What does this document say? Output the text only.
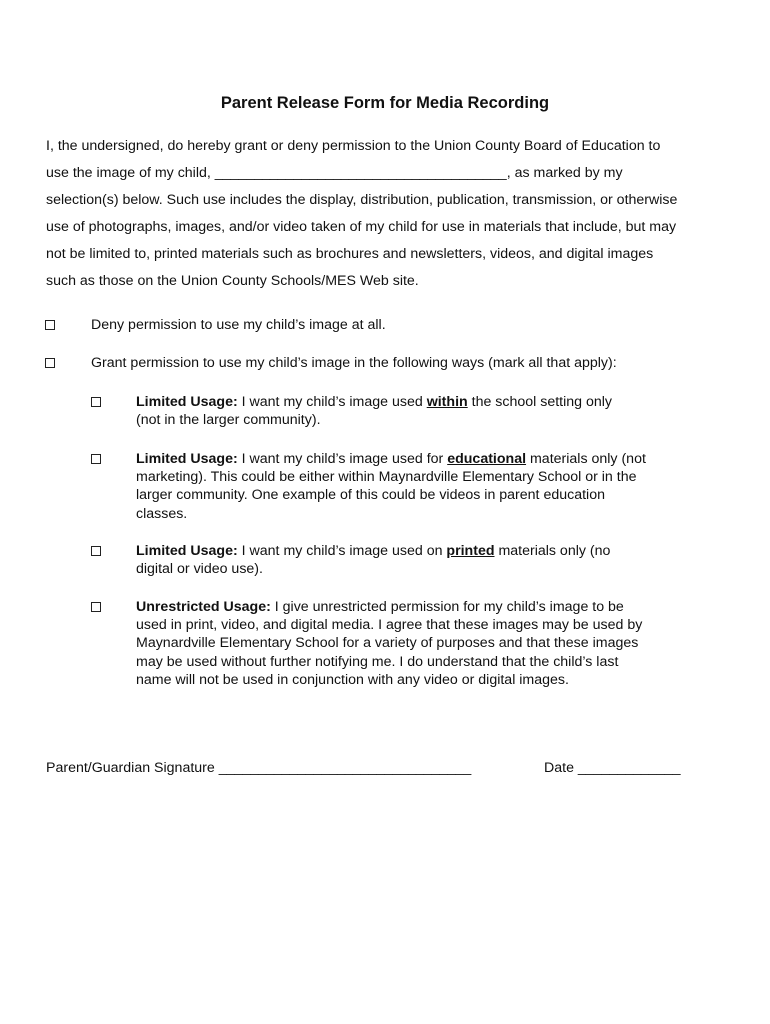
Parent Release Form for Media Recording

I, the undersigned, do hereby grant or deny permission to the Union County Board of Education to
use the image of my child, _____________________________________, as marked by my
selection(s) below. Such use includes the display, distribution, publication, transmission, or otherwise
use of photographs, images, and/or video taken of my child for use in materials that include, but may
not be limited to, printed materials such as brochures and newsletters, videos, and digital images
such as those on the Union County Schools/MES Web site.

Deny permission to use my child’s image at all.
Grant permission to use my child’s image in the following ways (mark all that apply):
Limited Usage: I want my child’s image used within the school setting only
(not in the larger community).
Limited Usage: I want my child’s image used for educational materials only (not
marketing). This could be either within Maynardville Elementary School or in the
larger community. One example of this could be videos in parent education
classes.
Limited Usage: I want my child’s image used on printed materials only (no
digital or video use).
Unrestricted Usage: I give unrestricted permission for my child’s image to be
used in print, video, and digital media. I agree that these images may be used by
Maynardville Elementary School for a variety of purposes and that these images
may be used without further notifying me. I do understand that the child’s last
name will not be used in conjunction with any video or digital images.
Parent/Guardian Signature ________________________________	Date _____________
